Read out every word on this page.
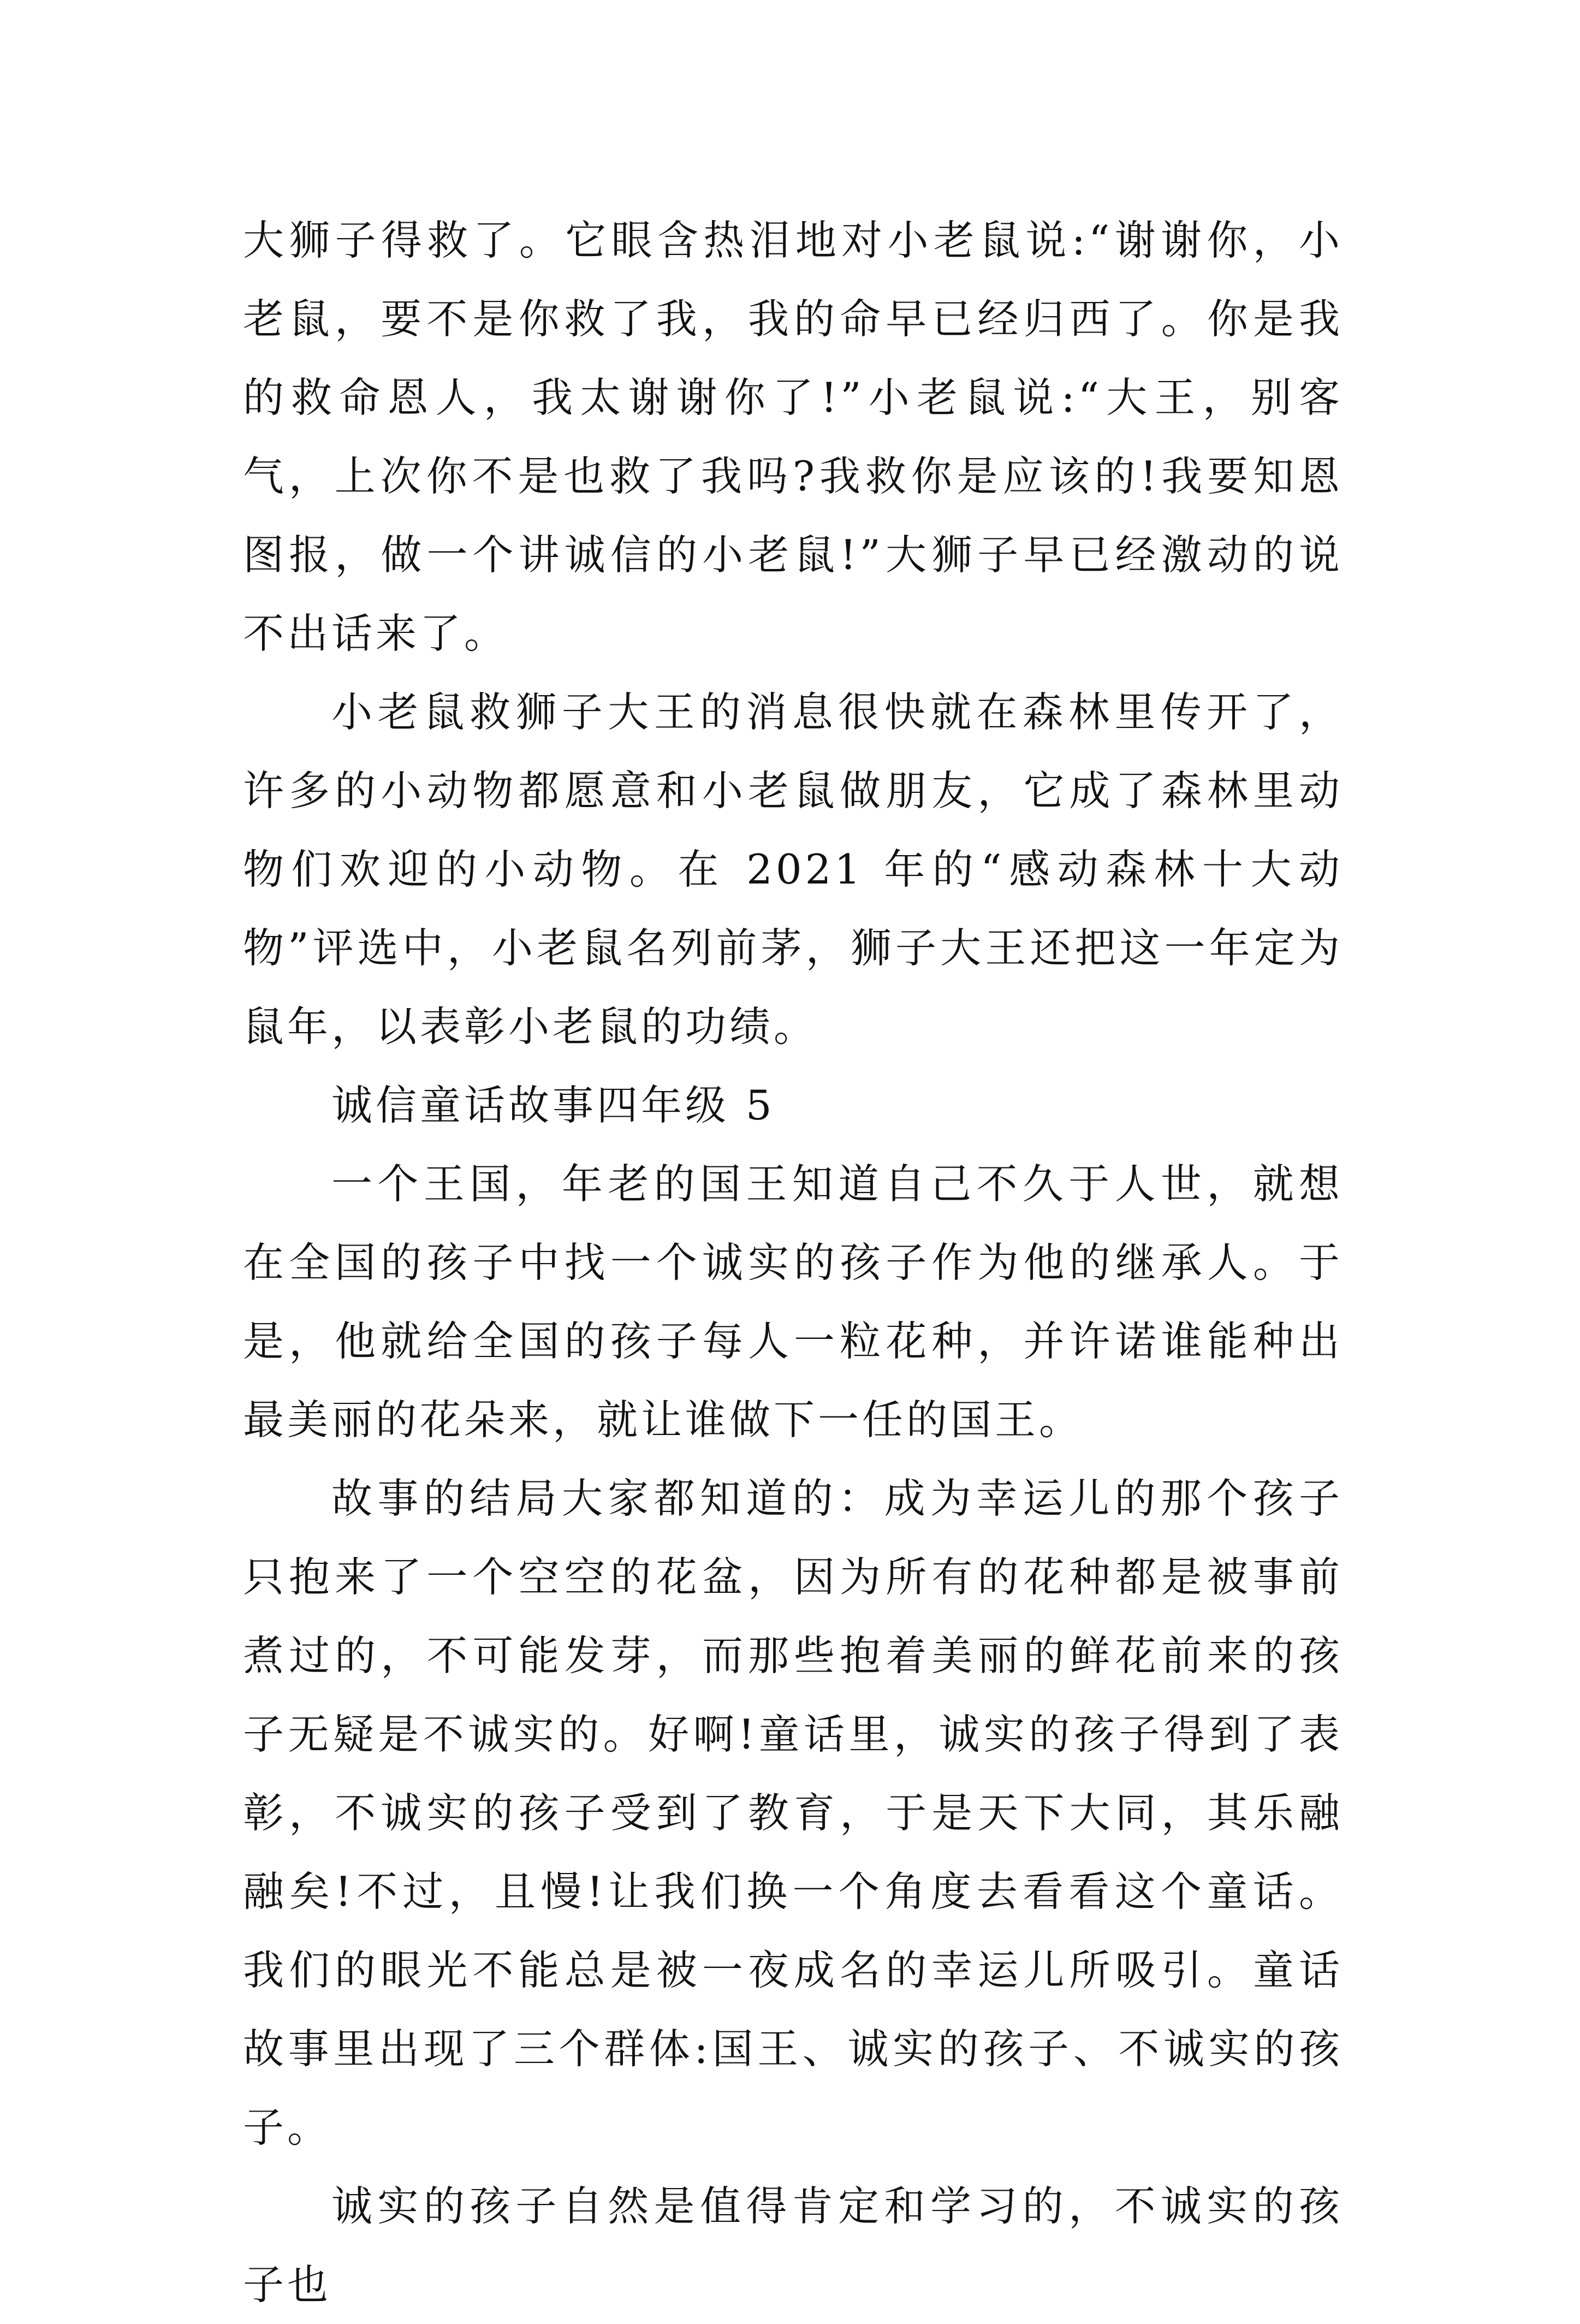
大狮子得救了。它眼含热泪地对小老鼠说:“谢谢你，小老鼠，要不是你救了我，我的命早已经归西了。你是我的救命恩人，我太谢谢你了!”小老鼠说:“大王，别客气，上次你不是也救了我吗?我救你是应该的!我要知恩图报，做一个讲诚信的小老鼠!”大狮子早已经激动的说不出话来了。

小老鼠救狮子大王的消息很快就在森林里传开了，许多的小动物都愿意和小老鼠做朋友，它成了森林里动物们欢迎的小动物。在 2021 年的“感动森林十大动物”评选中，小老鼠名列前茅，狮子大王还把这一年定为鼠年，以表彰小老鼠的功绩。

诚信童话故事四年级 5

一个王国，年老的国王知道自己不久于人世，就想在全国的孩子中找一个诚实的孩子作为他的继承人。于是，他就给全国的孩子每人一粒花种，并许诺谁能种出最美丽的花朵来，就让谁做下一任的国王。

故事的结局大家都知道的：成为幸运儿的那个孩子只抱来了一个空空的花盆，因为所有的花种都是被事前煮过的，不可能发芽，而那些抱着美丽的鲜花前来的孩子无疑是不诚实的。好啊!童话里，诚实的孩子得到了表彰，不诚实的孩子受到了教育，于是天下大同，其乐融融矣!不过，且慢!让我们换一个角度去看看这个童话。我们的眼光不能总是被一夜成名的幸运儿所吸引。童话故事里出现了三个群体:国王、诚实的孩子、不诚实的孩子。

诚实的孩子自然是值得肯定和学习的，不诚实的孩子也
